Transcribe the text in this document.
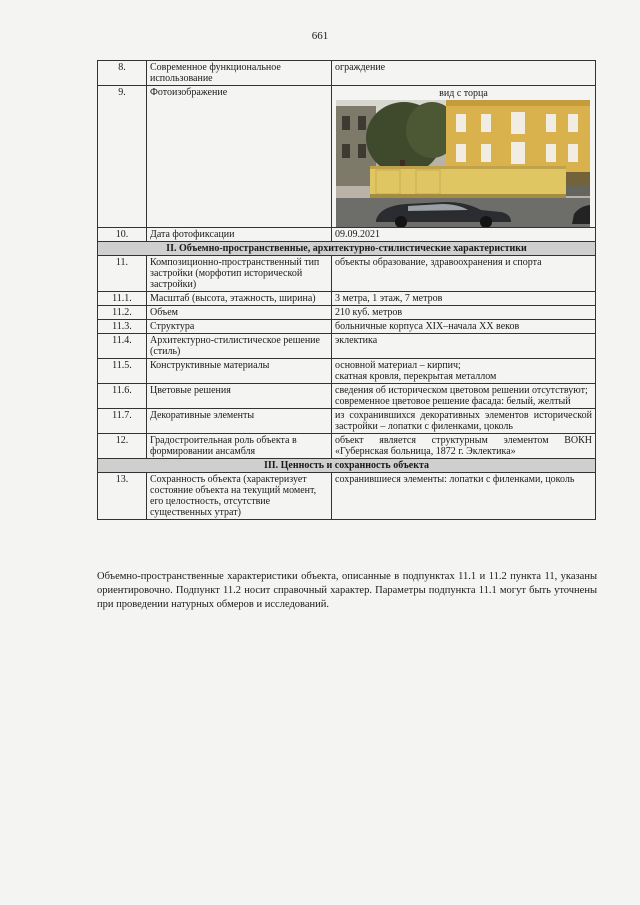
661
8.	Современное функциональное использование	ограждение
9.	Фотоизображение	вид с торца

10.	Дата фотофиксации	09.09.2021
II. Объемно-пространственные, архитектурно-стилистические характеристики		
11.	Композиционно-пространственный тип застройки (морфотип исторической застройки)	объекты образование, здравоохранения и спорта
11.1.	Масштаб (высота, этажность, ширина)	3 метра, 1 этаж, 7 метров
11.2.	Объем	210 куб. метров
11.3.	Структура	больничные корпуса XIX–начала XX веков
11.4.	Архитектурно-стилистическое решение (стиль)	эклектика
11.5.	Конструктивные материалы	основной материал – кирпич;
скатная кровля, перекрытая металлом

11.6.	Цветовые решения	сведения об историческом цветовом решении отсутствуют;
современное цветовое решение фасада: белый, желтый

11.7.	Декоративные элементы	из сохранившихся декоративных элементов исторической застройки – лопатки с филенками, цоколь
12.	Градостроительная роль объекта в формировании ансамбля	объект является структурным элементом ВОКН «Губернская больница, 1872 г. Эклектика»
III. Ценность и сохранность объекта		
13.	Сохранность объекта (характеризует состояние объекта на текущий момент, его целостность, отсутствие существенных утрат)	сохранившиеся элементы: лопатки с филенками, цоколь
Объемно-пространственные характеристики объекта, описанные в подпунктах 11.1 и 11.2 пункта 11, указаны ориентировочно. Подпункт 11.2 носит справочный характер. Параметры подпункта 11.1 могут быть уточнены при проведении натурных обмеров и исследований.
